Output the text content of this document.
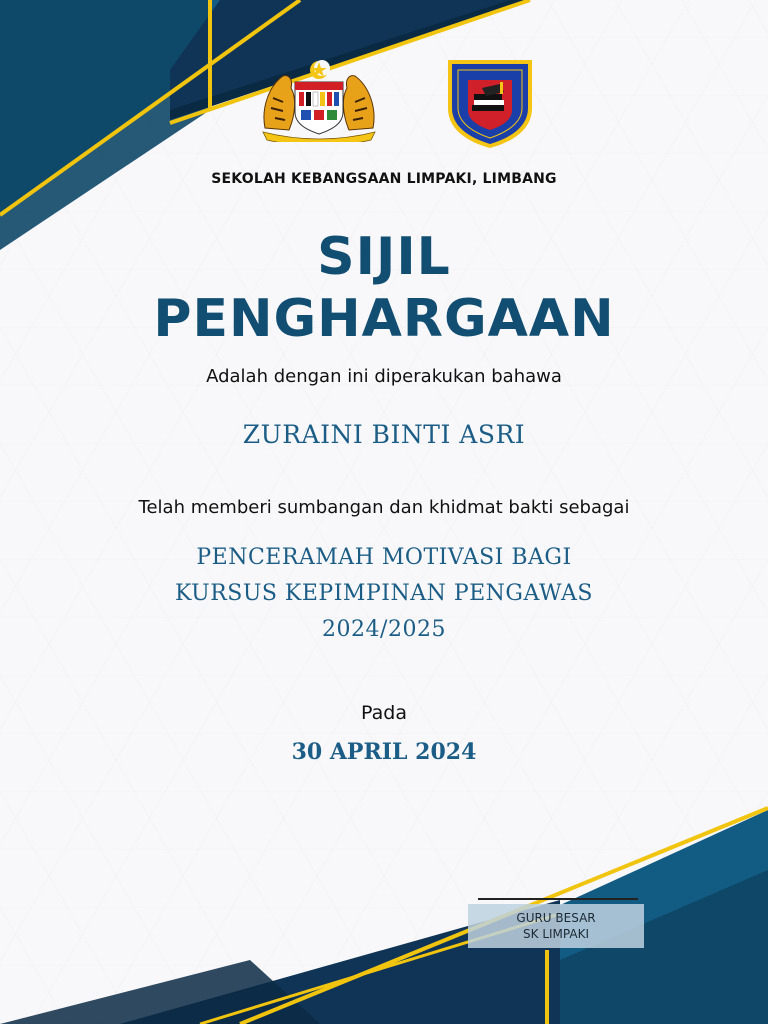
SEKOLAH KEBANGSAAN LIMPAKI, LIMBANG
SIJIL
PENGHARGAAN
Adalah dengan ini diperakukan bahawa
ZURAINI BINTI ASRI
Telah memberi sumbangan dan khidmat bakti sebagai
PENCERAMAH MOTIVASI BAGI
KURSUS KEPIMPINAN PENGAWAS
2024/2025
Pada
30 APRIL 2024
GURU BESAR
SK LIMPAKI
